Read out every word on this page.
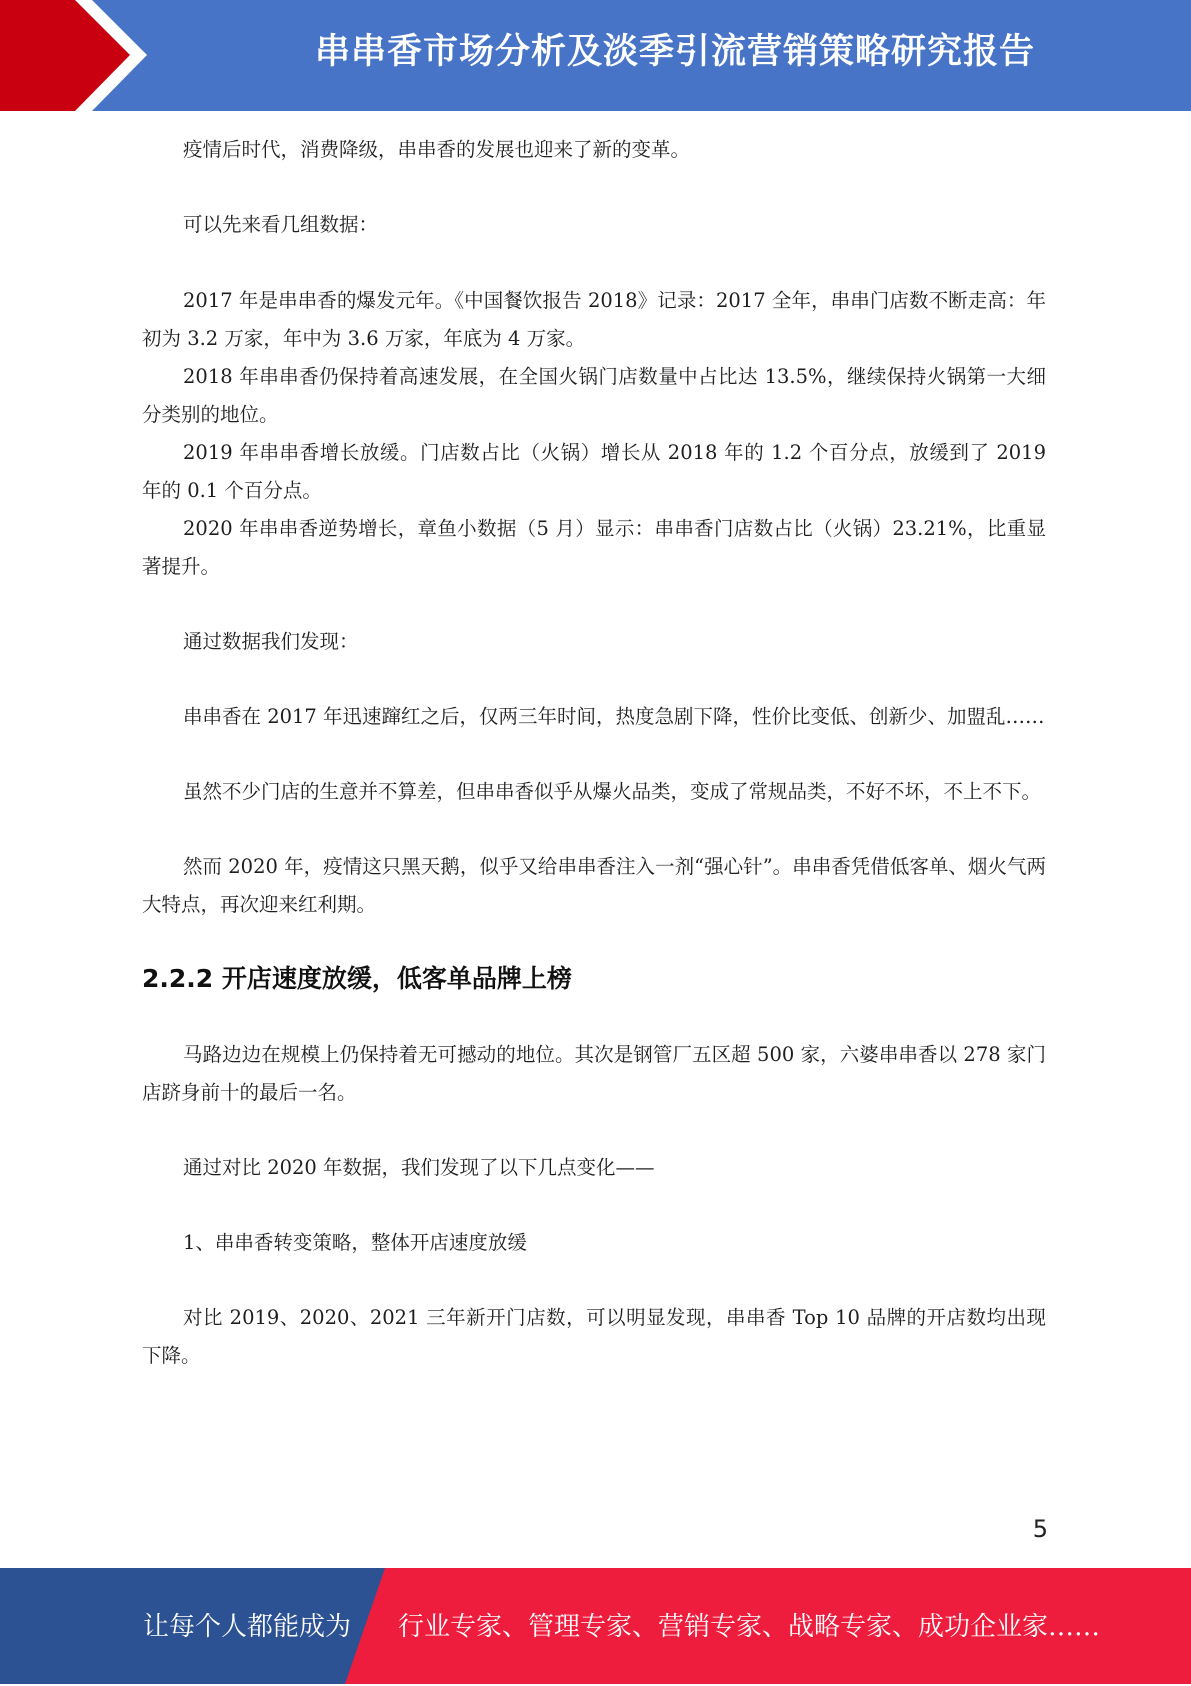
串串香市场分析及淡季引流营销策略研究报告

疫情后时代，消费降级，串串香的发展也迎来了新的变革。

可以先来看几组数据：

2017 年是串串香的爆发元年。《中国餐饮报告 2018》记录：2017 全年，串串门店数不断走高：年初为 3.2 万家，年中为 3.6 万家，年底为 4 万家。

2018 年串串香仍保持着高速发展，在全国火锅门店数量中占比达 13.5%，继续保持火锅第一大细分类别的地位。

2019 年串串香增长放缓。门店数占比（火锅）增长从 2018 年的 1.2 个百分点，放缓到了 2019 年的 0.1 个百分点。

2020 年串串香逆势增长，章鱼小数据（5 月）显示：串串香门店数占比（火锅）23.21%，比重显著提升。

通过数据我们发现：

串串香在 2017 年迅速蹿红之后，仅两三年时间，热度急剧下降，性价比变低、创新少、加盟乱……

虽然不少门店的生意并不算差，但串串香似乎从爆火品类，变成了常规品类，不好不坏，不上不下。

然而 2020 年，疫情这只黑天鹅，似乎又给串串香注入一剂“强心针”。串串香凭借低客单、烟火气两大特点，再次迎来红利期。

2.2.2 开店速度放缓，低客单品牌上榜

马路边边在规模上仍保持着无可撼动的地位。其次是钢管厂五区超 500 家，六婆串串香以 278 家门店跻身前十的最后一名。

通过对比 2020 年数据，我们发现了以下几点变化——

1、串串香转变策略，整体开店速度放缓

对比 2019、2020、2021 三年新开门店数，可以明显发现，串串香 Top 10 品牌的开店数均出现下降。

5
让每个人都能成为 行业专家、管理专家、营销专家、战略专家、成功企业家……
